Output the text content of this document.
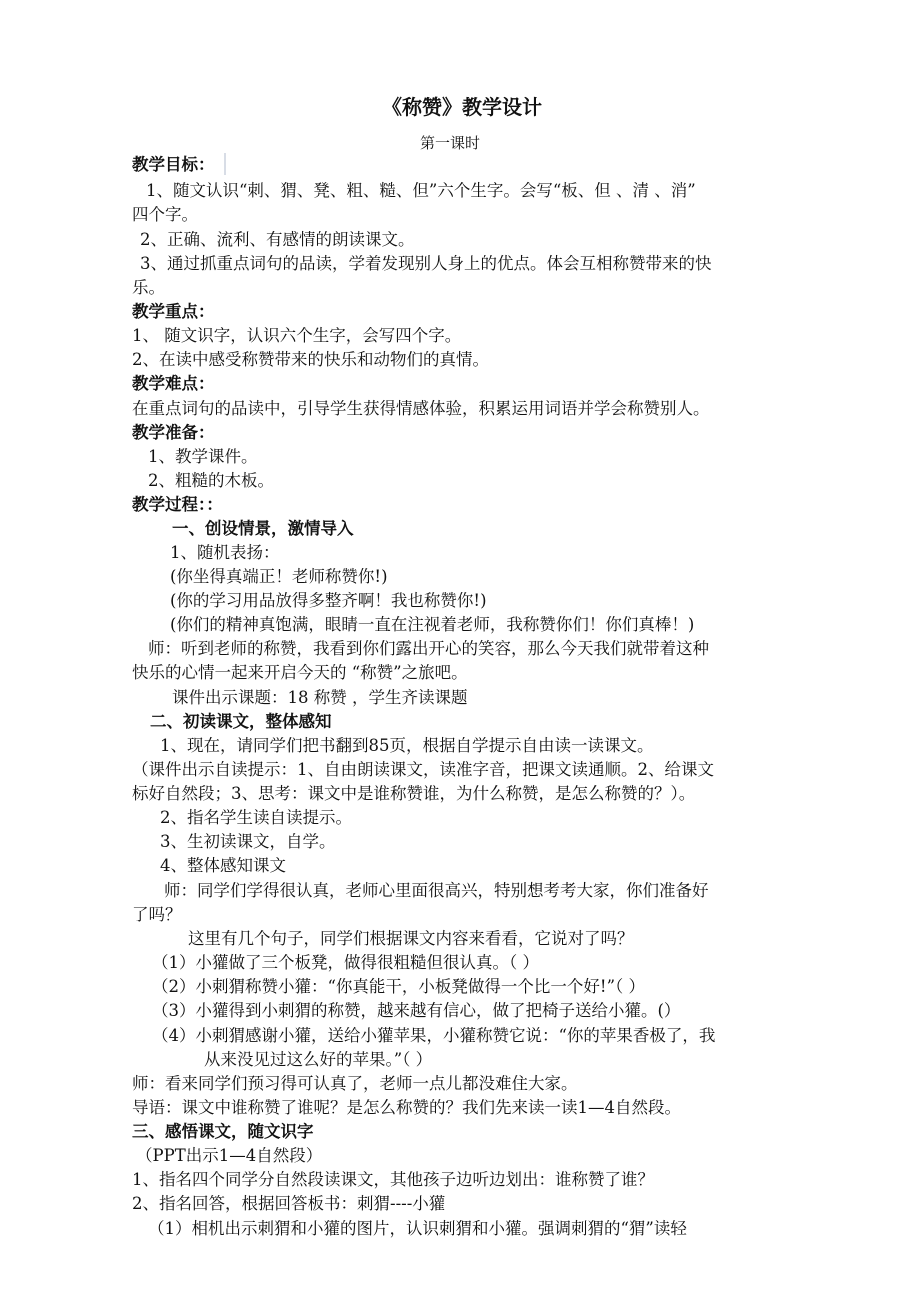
《称赞》教学设计
第一课时
教学目标：
1、随文认识“刺、猬、凳、粗、糙、但”六个生字。会写“板、但 、清 、消”
四个字。
2、正确、流利、有感情的朗读课文。
3、通过抓重点词句的品读，学着发现别人身上的优点。体会互相称赞带来的快
乐。
教学重点：
1、 随文识字，认识六个生字，会写四个字。
2、在读中感受称赞带来的快乐和动物们的真情。
教学难点：
在重点词句的品读中，引导学生获得情感体验，积累运用词语并学会称赞别人。
教学准备：
1、教学课件。
2、粗糙的木板。
教学过程：：
一、创设情景，激情导入
1、随机表扬：
(你坐得真端正！老师称赞你!)
(你的学习用品放得多整齐啊！我也称赞你!)
(你们的精神真饱满，眼睛一直在注视着老师，我称赞你们！你们真棒！)
师：听到老师的称赞，我看到你们露出开心的笑容，那么今天我们就带着这种
快乐的心情一起来开启今天的 “称赞”之旅吧。
课件出示课题：18 称赞 ，学生齐读课题
二、初读课文，整体感知
1、现在，请同学们把书翻到85页，根据自学提示自由读一读课文。
（课件出示自读提示：1、自由朗读课文，读准字音，把课文读通顺。2、给课文
标好自然段；3、思考：课文中是谁称赞谁，为什么称赞，是怎么称赞的？）。
2、指名学生读自读提示。
3、生初读课文，自学。
4、整体感知课文
师：同学们学得很认真，老师心里面很高兴，特别想考考大家，你们准备好
了吗？
这里有几个句子，同学们根据课文内容来看看，它说对了吗？
（1）小獾做了三个板凳，做得很粗糙但很认真。（ ）
（2）小刺猬称赞小獾：“你真能干，小板凳做得一个比一个好!”（ ）
（3）小獾得到小刺猬的称赞，越来越有信心，做了把椅子送给小獾。(）
（4）小刺猬感谢小獾，送给小獾苹果，小獾称赞它说：“你的苹果香极了，我
从来没见过这么好的苹果。”（ ）
师：看来同学们预习得可认真了，老师一点儿都没难住大家。
导语：课文中谁称赞了谁呢？是怎么称赞的？我们先来读一读1—4自然段。
三、感悟课文，随文识字
（PPT出示1—4自然段）
1、指名四个同学分自然段读课文，其他孩子边听边划出：谁称赞了谁？
2、指名回答，根据回答板书：刺猬----小獾
（1）相机出示刺猬和小獾的图片，认识刺猬和小獾。强调刺猬的“猬”读轻
